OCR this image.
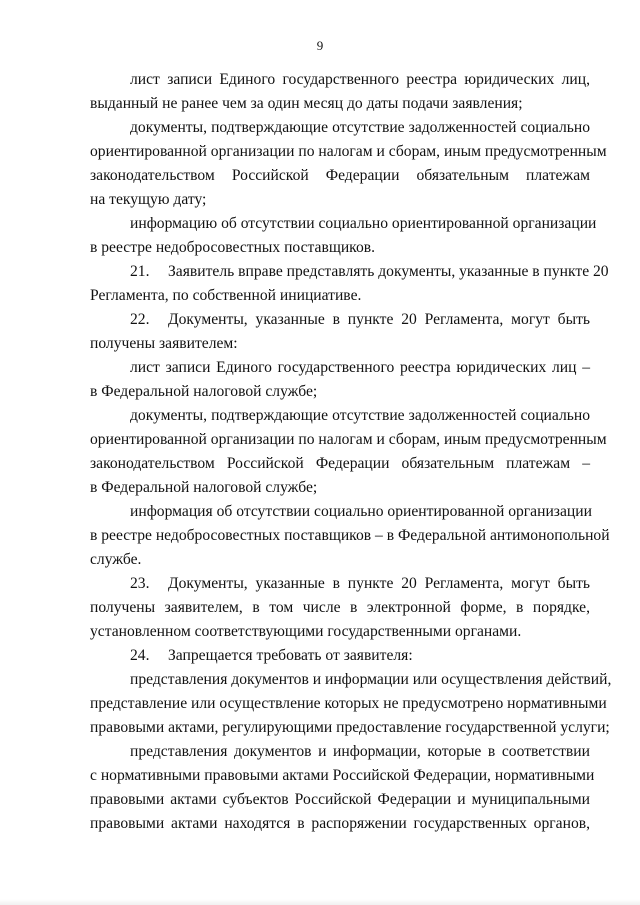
9
лист записи Единого государственного реестра юридических лиц,
выданный не ранее чем за один месяц до даты подачи заявления;
документы, подтверждающие отсутствие задолженностей социально
ориентированной организации по налогам и сборам, иным предусмотренным
законодательством Российской Федерации обязательным платежам
на текущую дату;
информацию об отсутствии социально ориентированной организации
в реестре недобросовестных поставщиков.
21. Заявитель вправе представлять документы, указанные в пункте 20
Регламента, по собственной инициативе.
22. Документы, указанные в пункте 20 Регламента, могут быть
получены заявителем:
лист записи Единого государственного реестра юридических лиц –
в Федеральной налоговой службе;
документы, подтверждающие отсутствие задолженностей социально
ориентированной организации по налогам и сборам, иным предусмотренным
законодательством Российской Федерации обязательным платежам –
в Федеральной налоговой службе;
информация об отсутствии социально ориентированной организации
в реестре недобросовестных поставщиков – в Федеральной антимонопольной
службе.
23. Документы, указанные в пункте 20 Регламента, могут быть
получены заявителем, в том числе в электронной форме, в порядке,
установленном соответствующими государственными органами.
24. Запрещается требовать от заявителя:
представления документов и информации или осуществления действий,
представление или осуществление которых не предусмотрено нормативными
правовыми актами, регулирующими предоставление государственной услуги;
представления документов и информации, которые в соответствии
с нормативными правовыми актами Российской Федерации, нормативными
правовыми актами субъектов Российской Федерации и муниципальными
правовыми актами находятся в распоряжении государственных органов,
